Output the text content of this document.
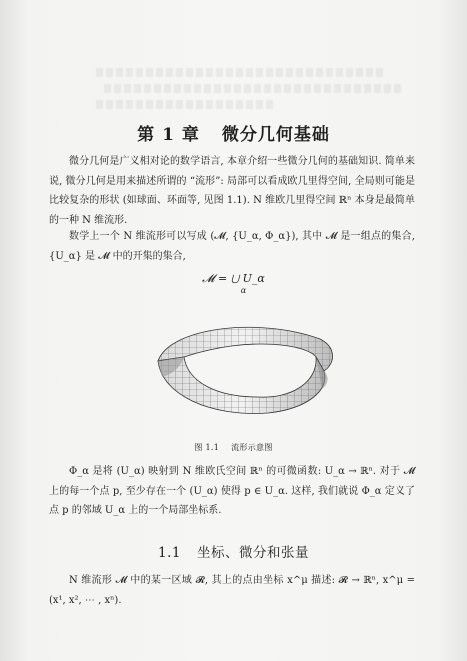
第 1 章 微分几何基础

微分几何是广义相对论的数学语言, 本章介绍一些微分几何的基础知识. 简单来说, 微分几何是用来描述所谓的 “流形”: 局部可以看成欧几里得空间, 全局则可能是比较复杂的形状 (如球面、环面等, 见图 1.1). N 维欧几里得空间 ℝⁿ 本身是最简单的一种 N 维流形.

数学上一个 N 维流形可以写成 (𝓜, {U_α, Φ_α}), 其中 𝓜 是一组点的集合, {U_α} 是 𝓜 中的开集的集合,

𝓜 = ⋃ U_α
α
图 1.1 流形示意图

Φ_α 是将 (U_α) 映射到 N 维欧氏空间 ℝⁿ 的可微函数: U_α → ℝⁿ. 对于 𝓜 上的每一个点 p, 至少存在一个 (U_α) 使得 p ∈ U_α. 这样, 我们就说 Φ_α 定义了点 p 的邻域 U_α 上的一个局部坐标系.

1.1 坐标、微分和张量

N 维流形 𝓜 中的某一区域 𝓡, 其上的点由坐标 x^μ 描述: 𝓡 → ℝⁿ, x^μ = (x¹, x², ⋯ , xⁿ).
